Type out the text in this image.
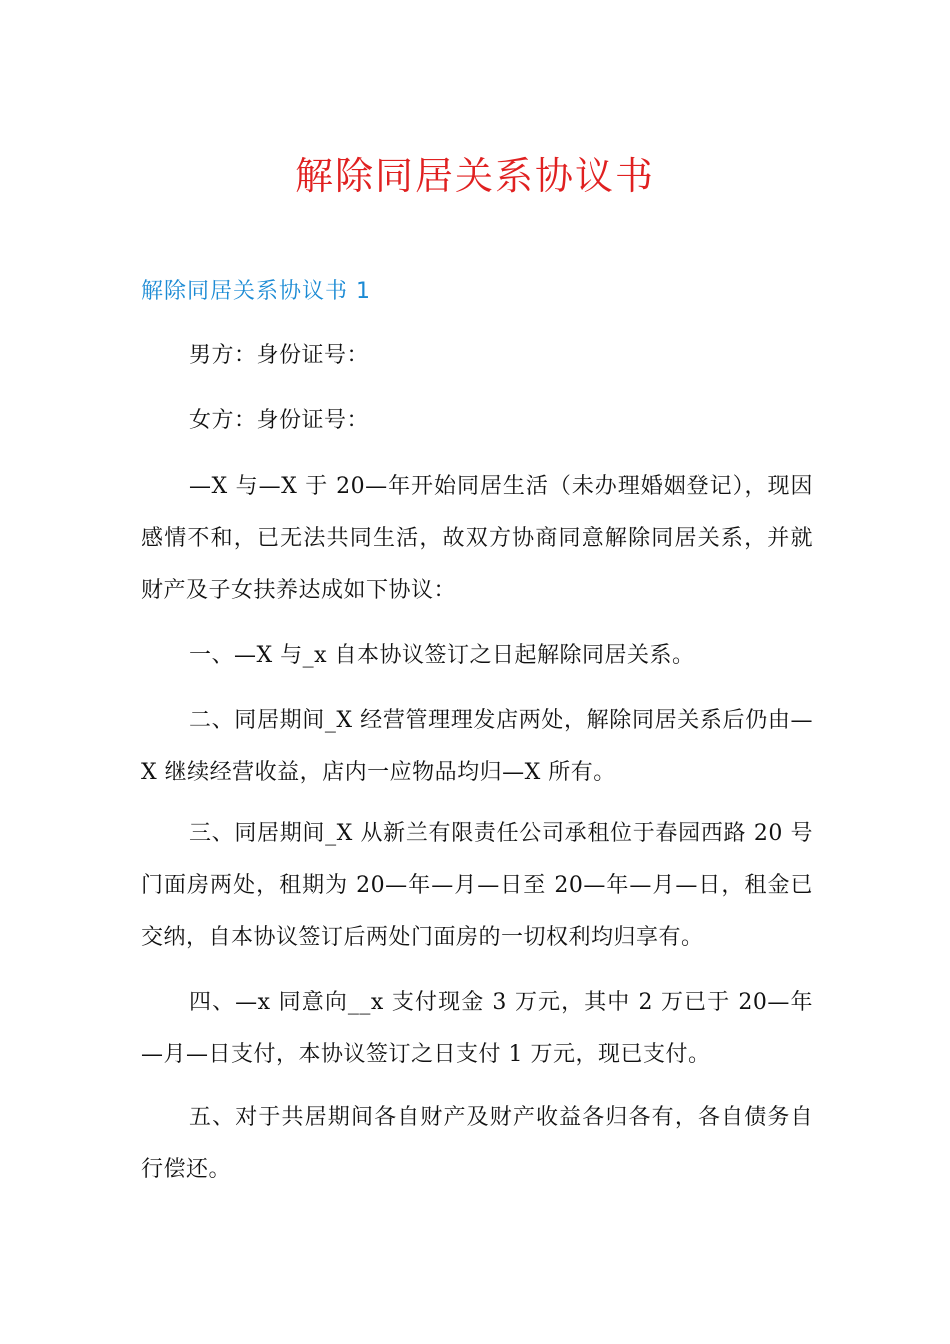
解除同居关系协议书
解除同居关系协议书 1

男方：身份证号：

女方：身份证号：

—X 与—X 于 20—年开始同居生活（未办理婚姻登记），现因感情不和，已无法共同生活，故双方协商同意解除同居关系，并就财产及子女扶养达成如下协议：

一、—X 与_x 自本协议签订之日起解除同居关系。

二、同居期间_X 经营管理理发店两处，解除同居关系后仍由—X 继续经营收益，店内一应物品均归—X 所有。

三、同居期间_X 从新兰有限责任公司承租位于春园西路 20 号门面房两处，租期为 20—年—月—日至 20—年—月—日，租金已交纳，自本协议签订后两处门面房的一切权利均归享有。

四、—x 同意向__x 支付现金 3 万元，其中 2 万已于 20—年—月—日支付，本协议签订之日支付 1 万元，现已支付。

五、对于共居期间各自财产及财产收益各归各有，各自债务自行偿还。
